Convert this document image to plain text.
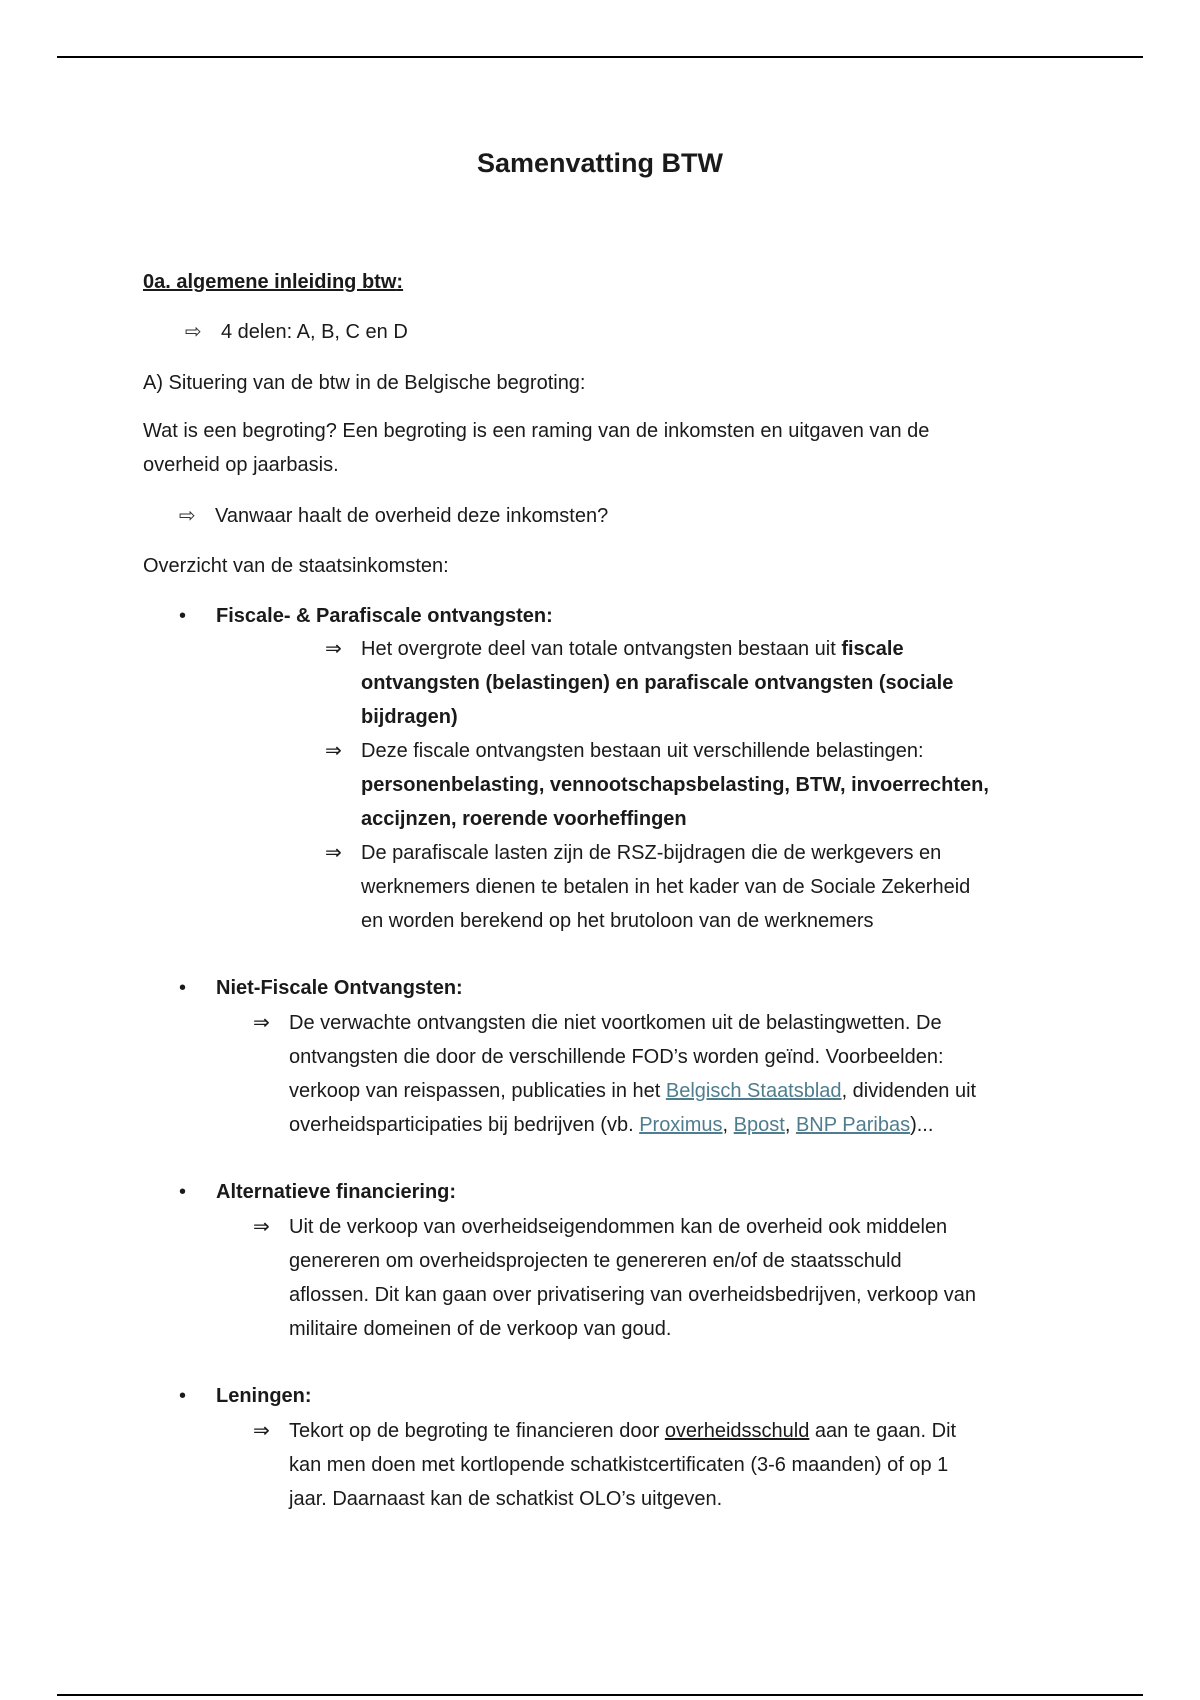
Samenvatting BTW
0a. algemene inleiding btw:
⇨ 4 delen: A, B, C en D
A) Situering van de btw in de Belgische begroting:
Wat is een begroting? Een begroting is een raming van de inkomsten en uitgaven van de
overheid op jaarbasis.
⇨ Vanwaar haalt de overheid deze inkomsten?
Overzicht van de staatsinkomsten:
• Fiscale- & Parafiscale ontvangsten:
⇒ Het overgrote deel van totale ontvangsten bestaan uit fiscale
ontvangsten (belastingen) en parafiscale ontvangsten (sociale
bijdragen)
⇒ Deze fiscale ontvangsten bestaan uit verschillende belastingen:
personenbelasting, vennootschapsbelasting, BTW, invoerrechten,
accijnzen, roerende voorheffingen
⇒ De parafiscale lasten zijn de RSZ-bijdragen die de werkgevers en
werknemers dienen te betalen in het kader van de Sociale Zekerheid
en worden berekend op het brutoloon van de werknemers
• Niet-Fiscale Ontvangsten:
⇒ De verwachte ontvangsten die niet voortkomen uit de belastingwetten. De
ontvangsten die door de verschillende FOD’s worden geïnd. Voorbeelden:
verkoop van reispassen, publicaties in het Belgisch Staatsblad, dividenden uit
overheidsparticipaties bij bedrijven (vb. Proximus, Bpost, BNP Paribas)...
• Alternatieve financiering:
⇒ Uit de verkoop van overheidseigendommen kan de overheid ook middelen
genereren om overheidsprojecten te genereren en/of de staatsschuld
aflossen. Dit kan gaan over privatisering van overheidsbedrijven, verkoop van
militaire domeinen of de verkoop van goud.
• Leningen:
⇒ Tekort op de begroting te financieren door overheidsschuld aan te gaan. Dit
kan men doen met kortlopende schatkistcertificaten (3-6 maanden) of op 1
jaar. Daarnaast kan de schatkist OLO’s uitgeven.
